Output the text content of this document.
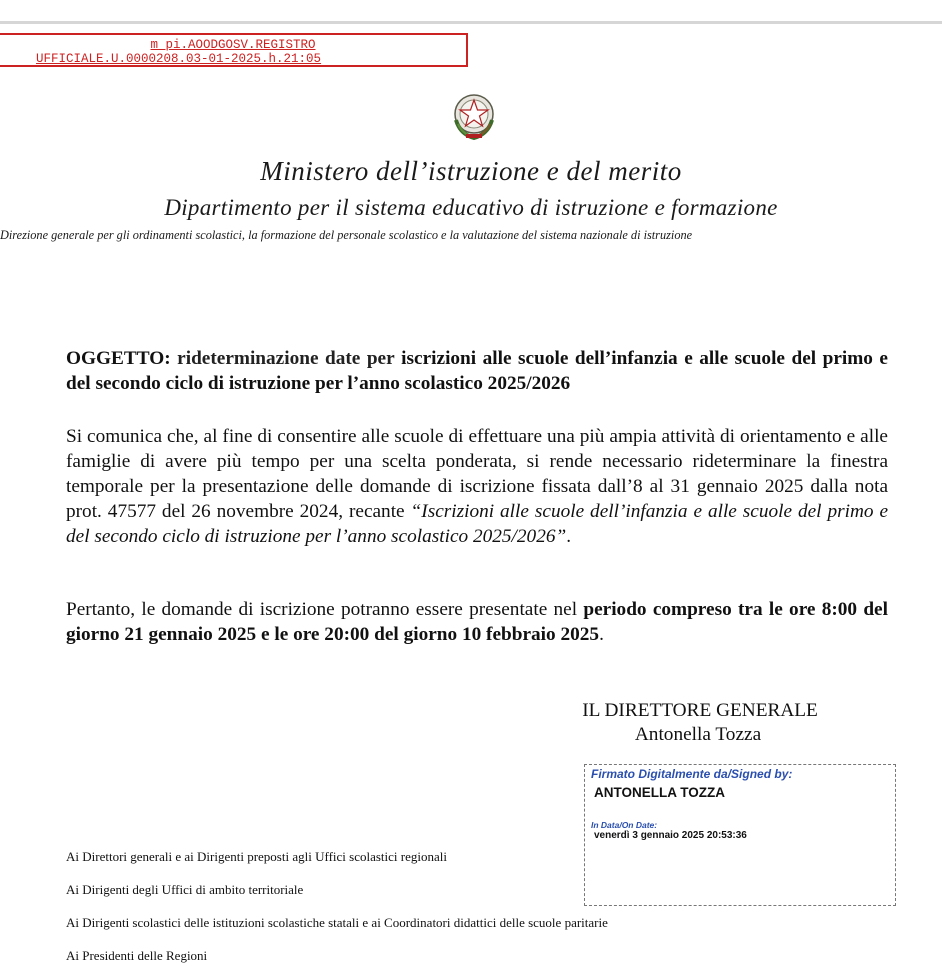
m_pi.AOODGOSV.REGISTRO
UFFICIALE.U.0000208.03-01-2025.h.21:05
Ministero dell’istruzione e del merito
Dipartimento per il sistema educativo di istruzione e formazione
Direzione generale per gli ordinamenti scolastici, la formazione del personale scolastico e la valutazione del sistema nazionale di istruzione
OGGETTO: rideterminazione date per iscrizioni alle scuole dell’infanzia e alle scuole del primo e del secondo ciclo di istruzione per l’anno scolastico 2025/2026
Si comunica che, al fine di consentire alle scuole di effettuare una più ampia attività di orientamento e alle famiglie di avere più tempo per una scelta ponderata, si rende necessario rideterminare la finestra temporale per la presentazione delle domande di iscrizione fissata dall’8 al 31 gennaio 2025 dalla nota prot. 47577 del 26 novembre 2024, recante “Iscrizioni alle scuole dell’infanzia e alle scuole del primo e del secondo ciclo di istruzione per l’anno scolastico 2025/2026”.
Pertanto, le domande di iscrizione potranno essere presentate nel periodo compreso tra le ore 8:00 del giorno 21 gennaio 2025 e le ore 20:00 del giorno 10 febbraio 2025.
IL DIRETTORE GENERALE
Antonella Tozza
Firmato Digitalmente da/Signed by:
ANTONELLA TOZZA
In Data/On Date:
venerdì 3 gennaio 2025 20:53:36
Ai Direttori generali e ai Dirigenti preposti agli Uffici scolastici regionali
Ai Dirigenti degli Uffici di ambito territoriale
Ai Dirigenti scolastici delle istituzioni scolastiche statali e ai Coordinatori didattici delle scuole paritarie
Ai Presidenti delle Regioni
